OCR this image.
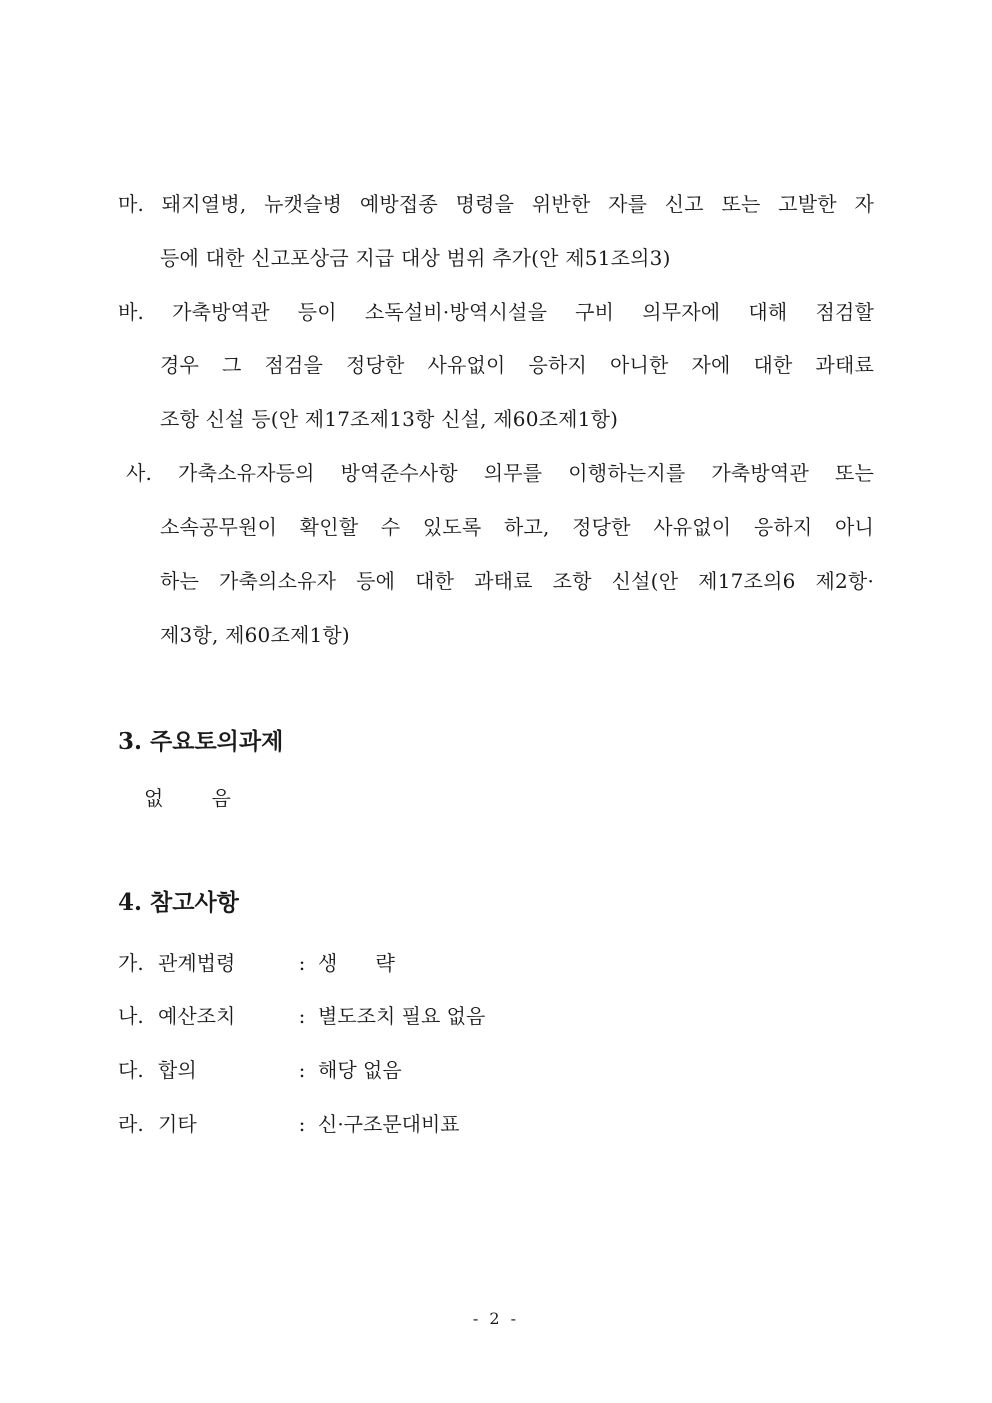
마. 돼지열병, 뉴캣슬병 예방접종 명령을 위반한 자를 신고 또는 고발한 자
등에 대한 신고포상금 지급 대상 범위 추가(안 제51조의3)
바. 가축방역관 등이 소독설비·방역시설을 구비 의무자에 대해 점검할
경우 그 점검을 정당한 사유없이 응하지 아니한 자에 대한 과태료
조항 신설 등(안 제17조제13항 신설, 제60조제1항)
사. 가축소유자등의 방역준수사항 의무를 이행하는지를 가축방역관 또는
소속공무원이 확인할 수 있도록 하고, 정당한 사유없이 응하지 아니
하는 가축의소유자 등에 대한 과태료 조항 신설(안 제17조의6 제2항·
제3항, 제60조제1항)
3. 주요토의과제
없 음
4. 참고사항
가. 관계법령	: 생      략
나. 예산조치	: 별도조치 필요 없음
다. 합의	: 해당 없음
라. 기타	: 신·구조문대비표
- 2 -
